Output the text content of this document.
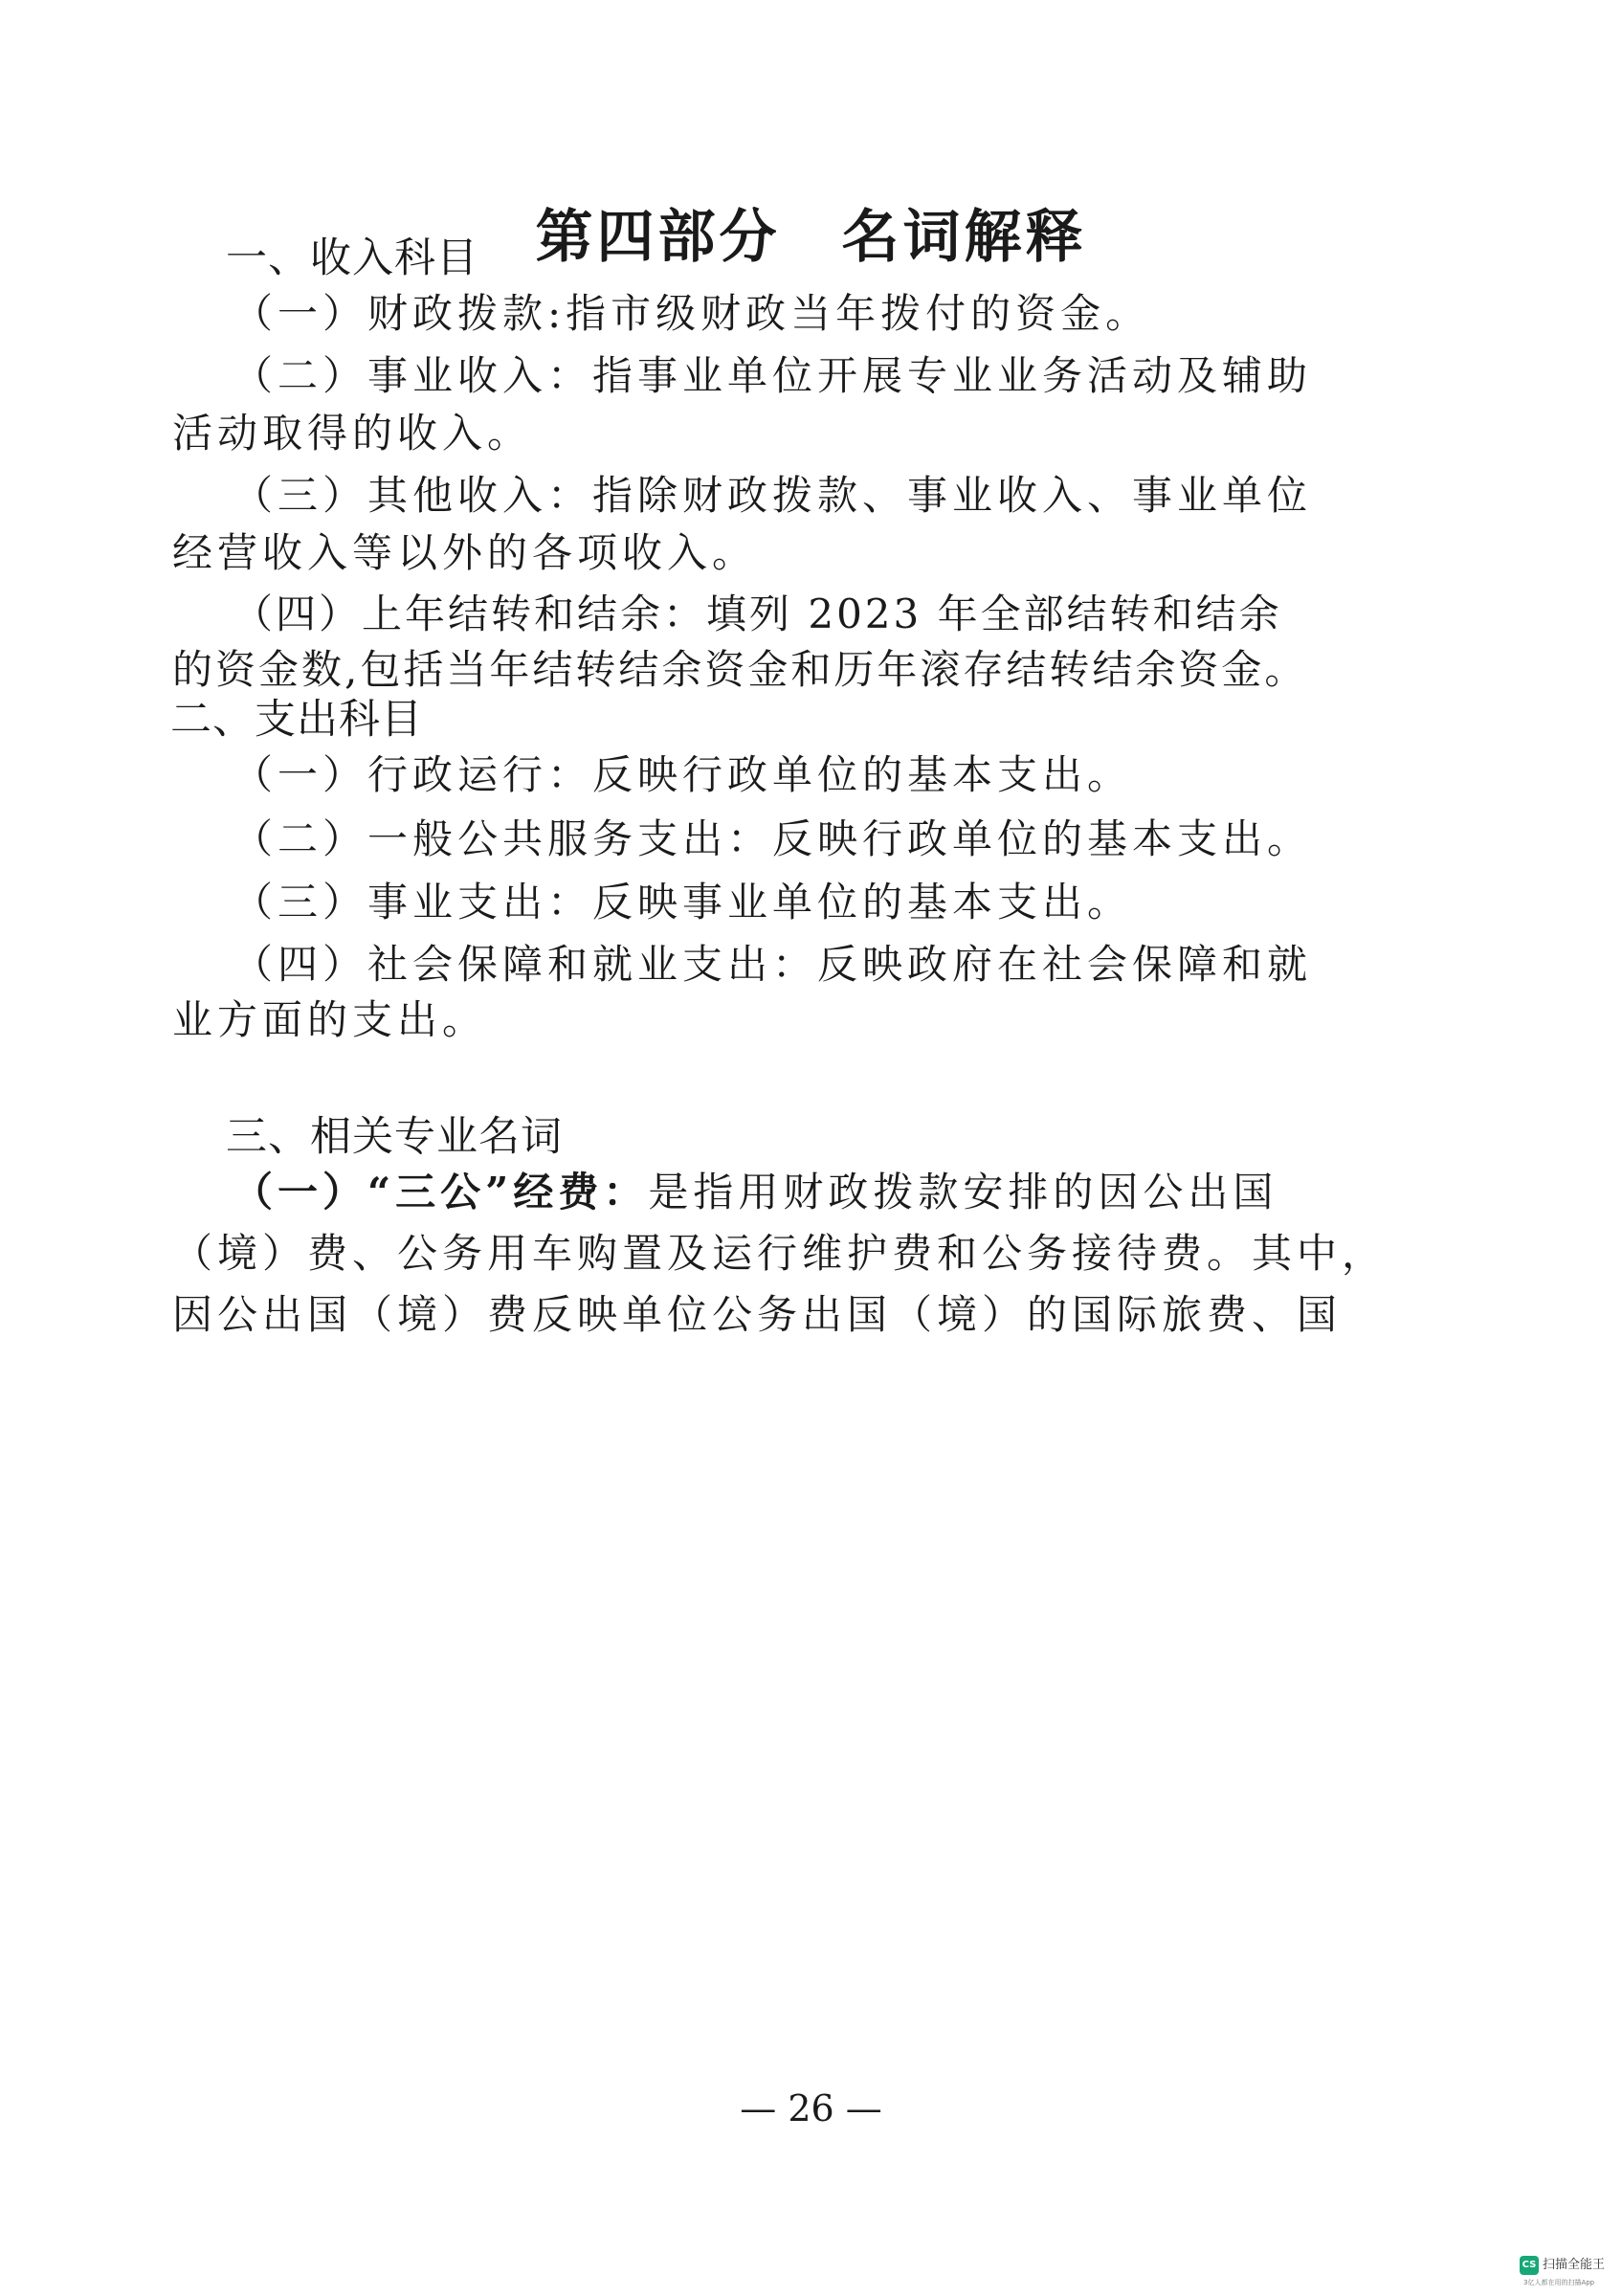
第四部分　名词解释
一、收入科目
（一）财政拨款:指市级财政当年拨付的资金。
（二）事业收入：指事业单位开展专业业务活动及辅助
活动取得的收入。
（三）其他收入：指除财政拨款、事业收入、事业单位
经营收入等以外的各项收入。
（四）上年结转和结余：填列 2023 年全部结转和结余
的资金数,包括当年结转结余资金和历年滚存结转结余资金。
二、支出科目
（一）行政运行：反映行政单位的基本支出。
（二）一般公共服务支出：反映行政单位的基本支出。
（三）事业支出：反映事业单位的基本支出。
（四）社会保障和就业支出：反映政府在社会保障和就
业方面的支出。
三、相关专业名词
（一）“三公”经费：是指用财政拨款安排的因公出国
（境）费、公务用车购置及运行维护费和公务接待费。其中，
因公出国（境）费反映单位公务出国（境）的国际旅费、国
— 26 —
CS 扫描全能王
3亿人都在用的扫描App
